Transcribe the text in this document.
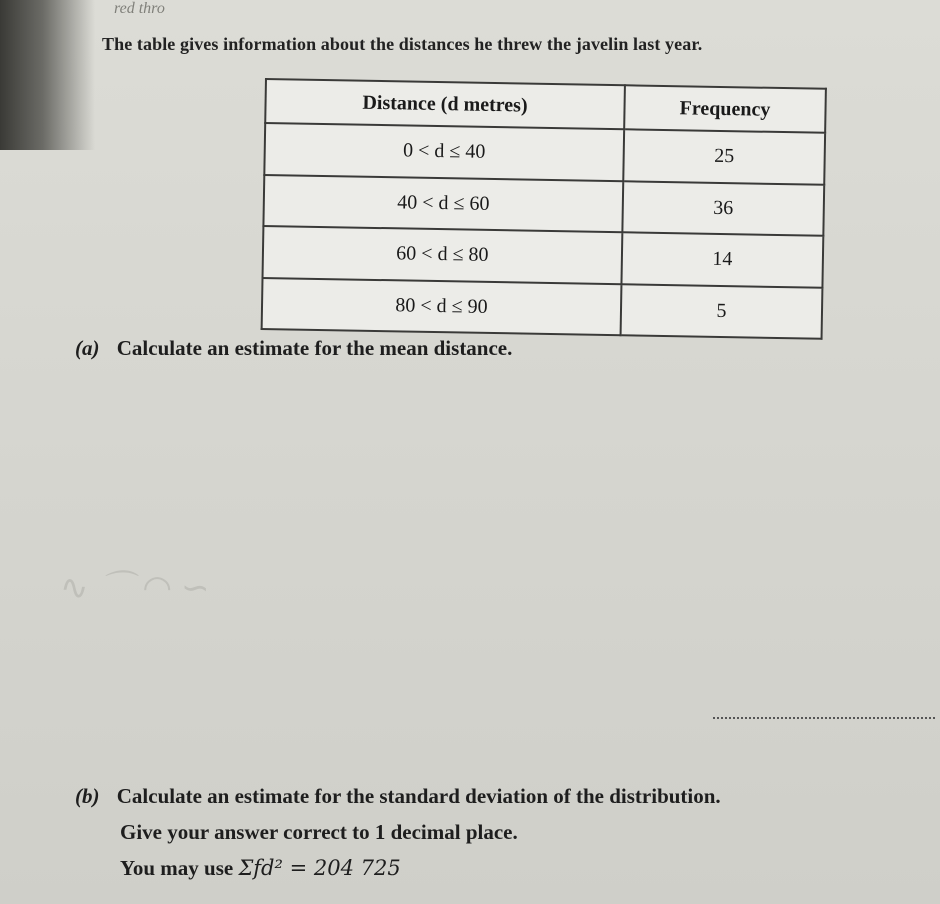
red thro
The table gives information about the distances he threw the javelin last year.
Distance (d metres)	Frequency
0 < d ≤ 40	25
40 < d ≤ 60	36
60 < d ≤ 80	14
80 < d ≤ 90	5
(a) Calculate an estimate for the mean distance.
∿ ⌒ ◠ ∽
(b) Calculate an estimate for the standard deviation of the distribution.
Give your answer correct to 1 decimal place.
You may use Σfd² = 204 725
